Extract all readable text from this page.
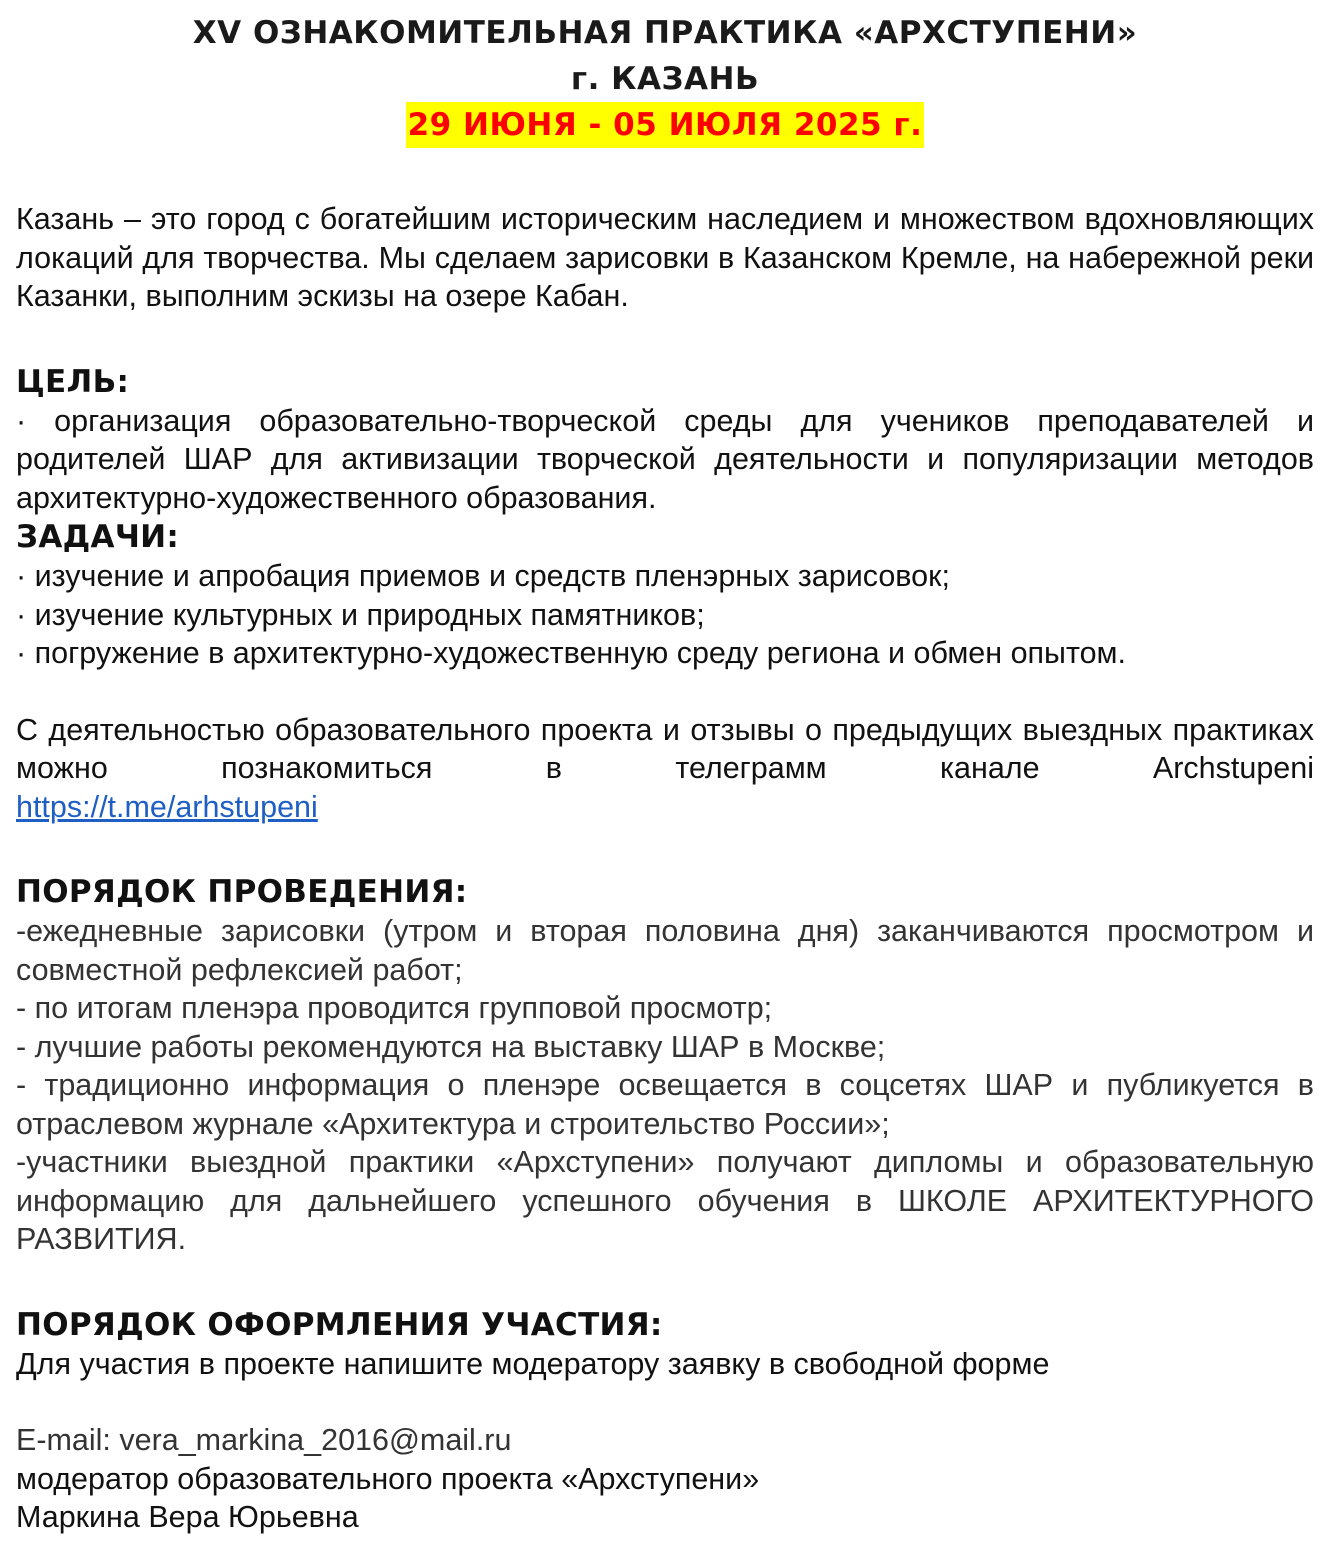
XV ОЗНАКОМИТЕЛЬНАЯ ПРАКТИКА «АРХСТУПЕНИ»
г. КАЗАНЬ
29 ИЮНЯ - 05 ИЮЛЯ 2025 г.

Казань – это город с богатейшим историческим наследием и множеством вдохновляющих локаций для творчества. Мы сделаем зарисовки в Казанском Кремле, на набережной реки Казанки, выполним эскизы на озере Кабан.

ЦЕЛЬ:

· организация образовательно-творческой среды для учеников преподавателей и родителей ШАР для активизации творческой деятельности и популяризации методов архитектурно-художественного образования.

ЗАДАЧИ:

· изучение и апробация приемов и средств пленэрных зарисовок;

· изучение культурных и природных памятников;

· погружение в архитектурно-художественную среду региона и обмен опытом.

С деятельностью образовательного проекта и отзывы о предыдущих выездных практиках можно познакомиться в телеграмм канале Archstupeni

https://t.me/arhstupeni

ПОРЯДОК ПРОВЕДЕНИЯ:

-ежедневные зарисовки (утром и вторая половина дня) заканчиваются просмотром и совместной рефлексией работ;

- по итогам пленэра проводится групповой просмотр;

- лучшие работы рекомендуются на выставку ШАР в Москве;

- традиционно информация о пленэре освещается в соцсетях ШАР и публикуется в отраслевом журнале «Архитектура и строительство России»;

-участники выездной практики «Архступени» получают дипломы и образовательную информацию для дальнейшего успешного обучения в ШКОЛЕ АРХИТЕКТУРНОГО РАЗВИТИЯ.

ПОРЯДОК ОФОРМЛЕНИЯ УЧАСТИЯ:

Для участия в проекте напишите модератору заявку в свободной форме

E-mail: vera_markina_2016@mail.ru

модератор образовательного проекта «Архступени»

Маркина Вера Юрьевна
